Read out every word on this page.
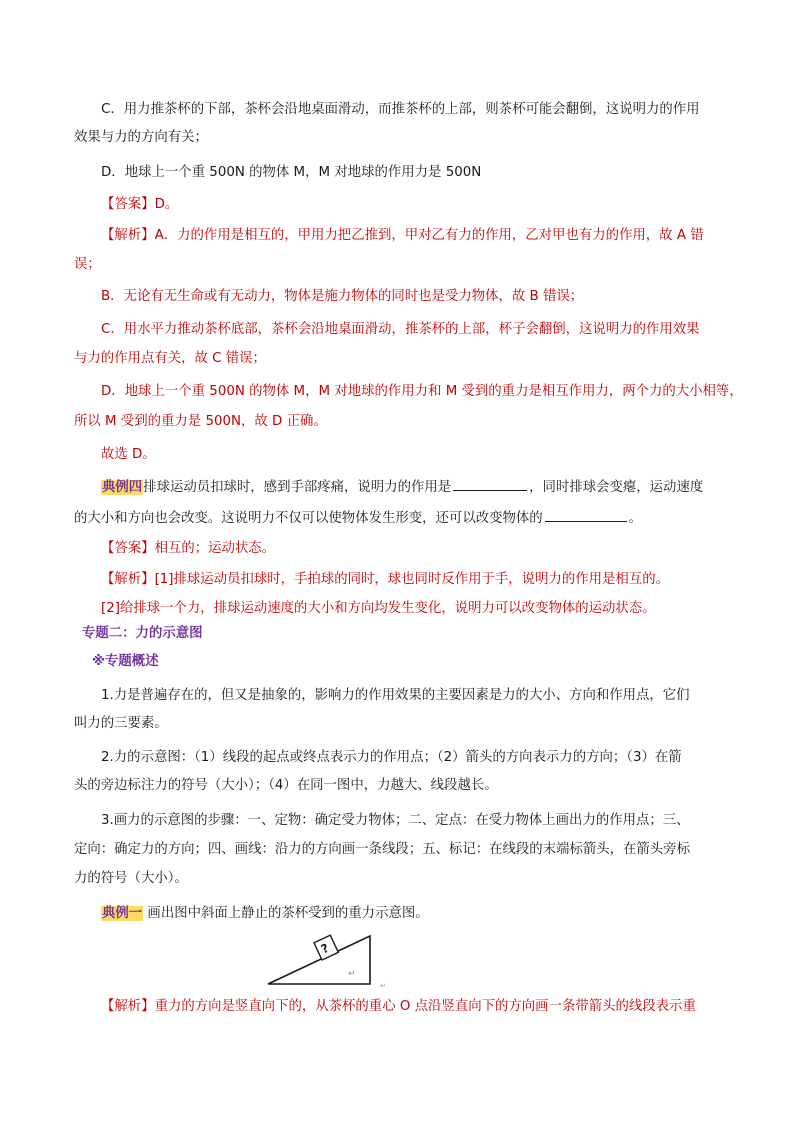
C．用力推茶杯的下部，茶杯会沿地桌面滑动，而推茶杯的上部，则茶杯可能会翻倒，这说明力的作用
效果与力的方向有关；
D．地球上一个重 500N 的物体 M，M 对地球的作用力是 500N
【答案】D。
【解析】A．力的作用是相互的，甲用力把乙推到，甲对乙有力的作用，乙对甲也有力的作用，故 A 错
误；
B．无论有无生命或有无动力，物体是施力物体的同时也是受力物体，故 B 错误；
C．用水平力推动茶杯底部，茶杯会沿地桌面滑动，推茶杯的上部，杯子会翻倒，这说明力的作用效果
与力的作用点有关，故 C 错误；
D．地球上一个重 500N 的物体 M，M 对地球的作用力和 M 受到的重力是相互作用力，两个力的大小相等，
所以 M 受到的重力是 500N，故 D 正确。
故选 D。
典例四排球运动员扣球时，感到手部疼痛，说明力的作用是	，同时排球会变瘪，运动速度
的大小和方向也会改变。这说明力不仅可以使物体发生形变，还可以改变物体的	。
【答案】相互的；运动状态。
【解析】[1]排球运动员扣球时，手拍球的同时，球也同时反作用于手，说明力的作用是相互的。
[2]给排球一个力，排球运动速度的大小和方向均发生变化，说明力可以改变物体的运动状态。
专题二：力的示意图
※专题概述
1.力是普遍存在的，但又是抽象的，影响力的作用效果的主要因素是力的大小、方向和作用点，它们
叫力的三要素。
2.力的示意图：（1）线段的起点或终点表示力的作用点；（2）箭头的方向表示力的方向；（3）在箭
头的旁边标注力的符号（大小）；（4）在同一图中，力越大、线段越长。
3.画力的示意图的步骤：一、定物：确定受力物体；二、定点：在受力物体上画出力的作用点；三、
定向：确定力的方向；四、画线：沿力的方向画一条线段；五、标记：在线段的末端标箭头，在箭头旁标
力的符号（大小）。
典例一 画出图中斜面上静止的茶杯受到的重力示意图。
【解析】重力的方向是竖直向下的，从茶杯的重心 O 点沿竖直向下的方向画一条带箭头的线段表示重
?
↵
↵
